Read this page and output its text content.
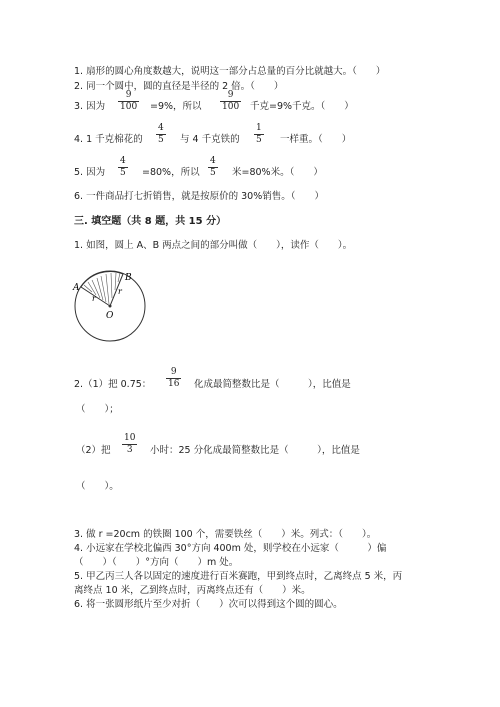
1. 扇形的圆心角度数越大，说明这一部分占总量的百分比就越大。（　　）
2. 同一个圆中，圆的直径是半径的 2 倍。（　　）
3. 因为
9
100 =9%，所以
9
100 千克=9%千克。（　　）
4. 1 千克棉花的
4
5 与 4 千克铁的
1
5 一样重。（　　）
5. 因为
4
5 =80%，所以
4
5 米=80%米。（　　）
6. 一件商品打七折销售，就是按原价的 30%销售。（　　）
三. 填空题（共 8 题，共 15 分）
1. 如图，圆上 A、B 两点之间的部分叫做（　　），读作（　　）。
A
B
O
r
r
2.（1）把 0.75：
9
16 化成最简整数比是（　　　），比值是
（　　）；
（2）把
10
3 小时：25 分化成最简整数比是（　　　），比值是
（　　）。
3. 做 r =20cm 的铁圈 100 个，需要铁丝（　　）米。列式：（　　）。
4. 小远家在学校北偏西 30°方向 400m 处，则学校在小远家（　　　）偏
（　　）（　　）°方向（　　）m 处。
5. 甲乙丙三人各以固定的速度进行百米赛跑，甲到终点时，乙离终点 5 米，丙
离终点 10 米，乙到终点时，丙离终点还有（　　）米。
6. 将一张圆形纸片至少对折（　　）次可以得到这个圆的圆心。
